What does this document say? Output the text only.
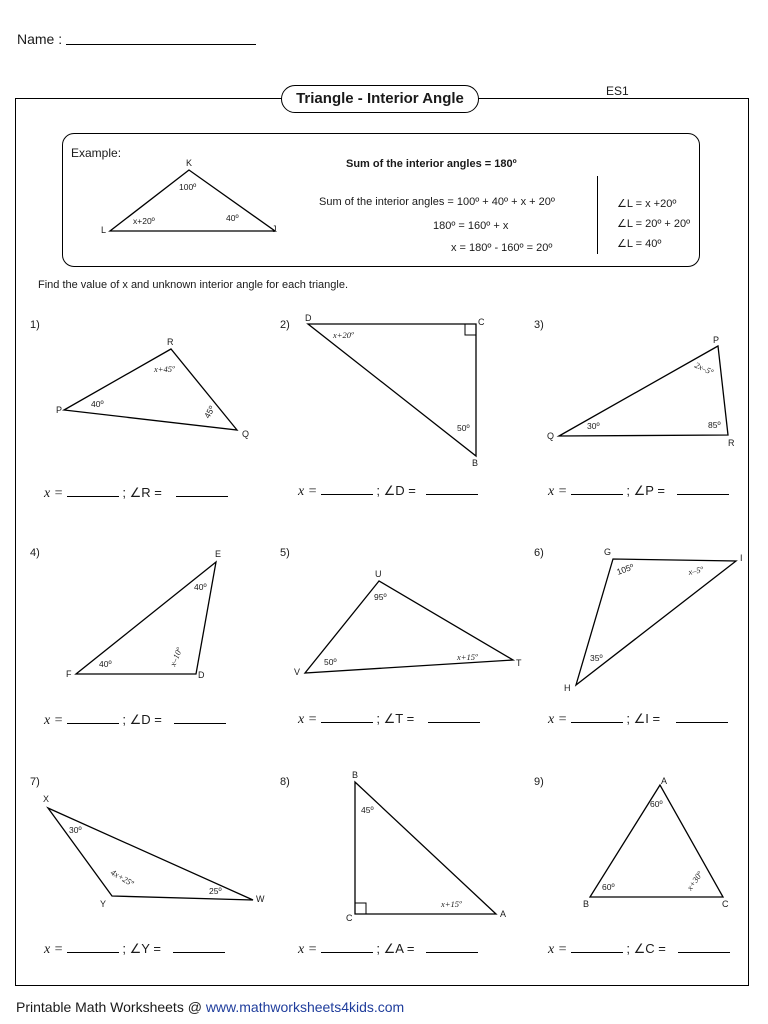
Name :
Triangle - Interior Angle	ES1
Example:
K
L	J
100º
x+20º	40º
Sum of the interior angles = 180º
Sum of the interior angles = 100º + 40º + x + 20º
180º = 160º + x
x = 180º - 160º = 20º
∠L = x +20º
∠L = 20º + 20º
∠L = 40º
Find the value of x and unknown interior angle for each triangle.
1)	2)	3)
4)	5)	6)
7)	8)	9)
R
P
Q
x+45º
40º
45º
D	C
B
x+20º
50º
P
Q
R
2x–5º
30º	85º
E
F	D
40º
40º	x–10º
U
V
T
95º
50º	x+15º
G
I
H
105º	x–5º
35º
X
Y	W
30º
4x+25º
25º
B
C	A
45º
x+15º
A
B	C
60º
60º	x+30º
x =	; ∠R =	x =	; ∠D =	x =	; ∠P =
x =	; ∠D =	x =	; ∠T =	x =	; ∠I =
x =	; ∠Y =	x =	; ∠A =	x =	; ∠C =
Printable Math Worksheets @ www.mathworksheets4kids.com
